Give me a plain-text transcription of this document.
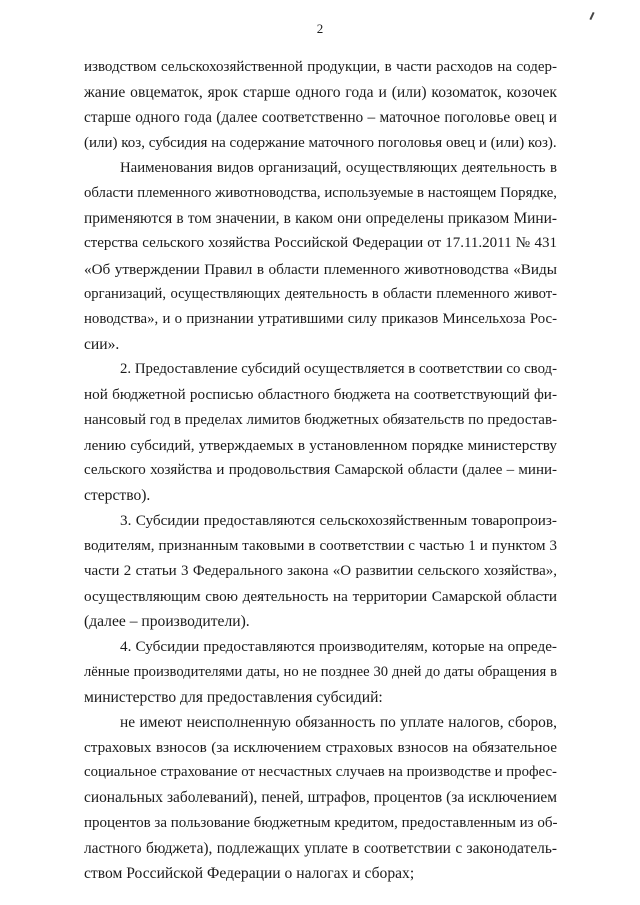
2
изводством сельскохозяйственной продукции, в части расходов на содер-
жание овцематок, ярок старше одного года и (или) козоматок, козочек
старше одного года (далее соответственно – маточное поголовье овец и
(или) коз, субсидия на содержание маточного поголовья овец и (или) коз).
Наименования видов организаций, осуществляющих деятельность в
области племенного животноводства, используемые в настоящем Порядке,
применяются в том значении, в каком они определены приказом Мини-
стерства сельского хозяйства Российской Федерации от 17.11.2011 № 431
«Об утверждении Правил в области племенного животноводства «Виды
организаций, осуществляющих деятельность в области племенного живот-
новодства», и о признании утратившими силу приказов Минсельхоза Рос-
сии».
2. Предоставление субсидий осуществляется в соответствии со свод-
ной бюджетной росписью областного бюджета на соответствующий фи-
нансовый год в пределах лимитов бюджетных обязательств по предостав-
лению субсидий, утверждаемых в установленном порядке министерству
сельского хозяйства и продовольствия Самарской области (далее – мини-
стерство).
3. Субсидии предоставляются сельскохозяйственным товаропроиз-
водителям, признанным таковыми в соответствии с частью 1 и пунктом 3
части 2 статьи 3 Федерального закона «О развитии сельского хозяйства»,
осуществляющим свою деятельность на территории Самарской области
(далее – производители).
4. Субсидии предоставляются производителям, которые на опреде-
лённые производителями даты, но не позднее 30 дней до даты обращения в
министерство для предоставления субсидий:
не имеют неисполненную обязанность по уплате налогов, сборов,
страховых взносов (за исключением страховых взносов на обязательное
социальное страхование от несчастных случаев на производстве и профес-
сиональных заболеваний), пеней, штрафов, процентов (за исключением
процентов за пользование бюджетным кредитом, предоставленным из об-
ластного бюджета), подлежащих уплате в соответствии с законодатель-
ством Российской Федерации о налогах и сборах;
